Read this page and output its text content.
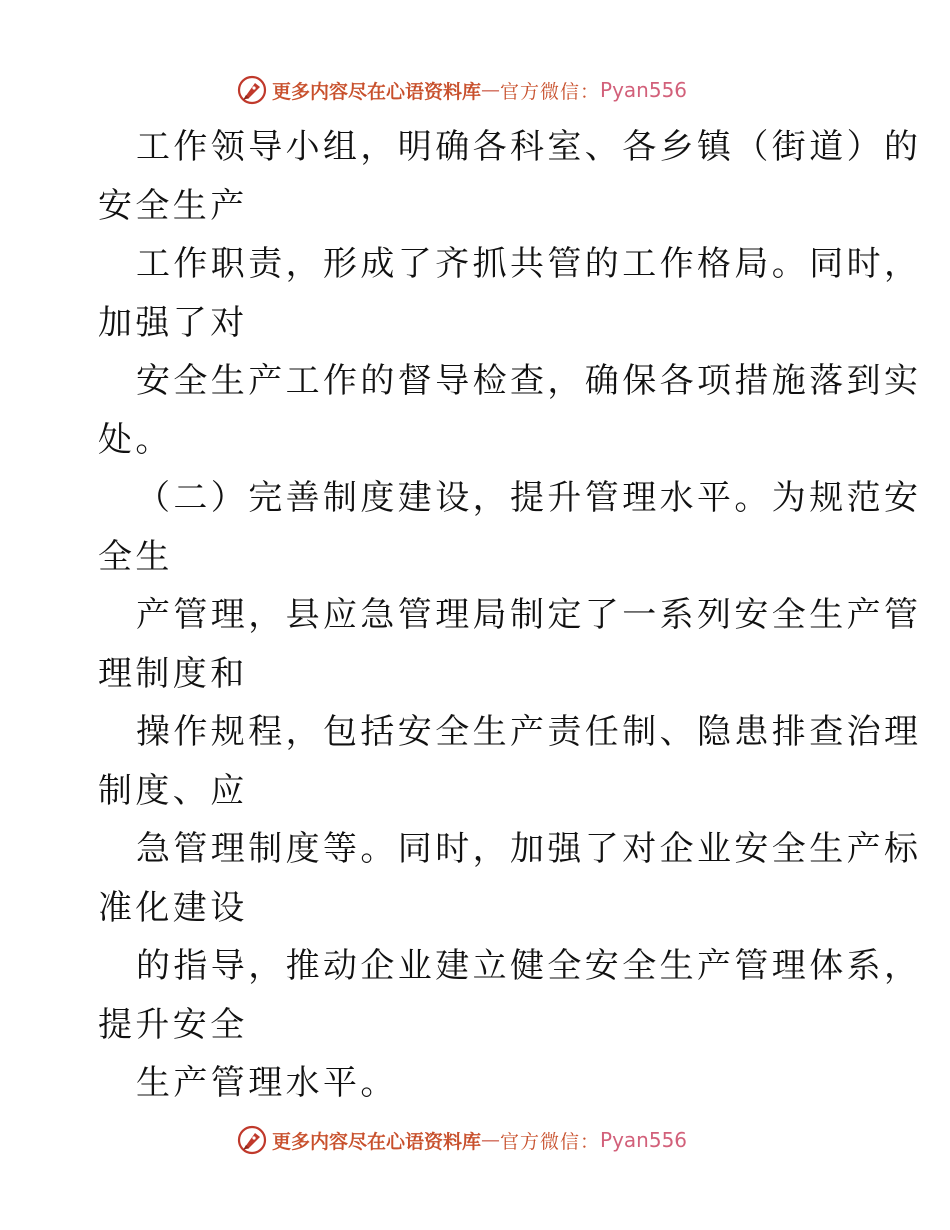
更多内容尽在心语资料库 — 官方微信： Pyan556
工作领导小组，明确各科室、各乡镇（街道）的
安全生产
工作职责，形成了齐抓共管的工作格局。同时，
加强了对
安全生产工作的督导检查，确保各项措施落到实
处。
（二）完善制度建设，提升管理水平。为规范安
全生
产管理，县应急管理局制定了一系列安全生产管
理制度和
操作规程，包括安全生产责任制、隐患排查治理
制度、应
急管理制度等。同时，加强了对企业安全生产标
准化建设
的指导，推动企业建立健全安全生产管理体系，
提升安全
生产管理水平。
更多内容尽在心语资料库 — 官方微信： Pyan556
